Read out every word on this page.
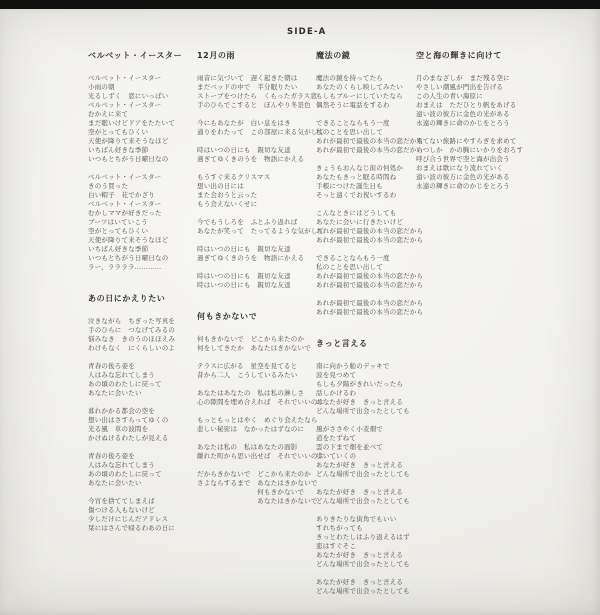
SIDE-A
ベルベット・イースター
ベルベット・イースター
小雨の朝
光るしずく　窓にいっぱい
ベルベット・イースター
むかえに来て
まだ眠いけどドアをたたいて
空がとってもひくい
天使が降りて来そうなほど
いちばん好きな季節
いつもとちがう日曜日なの
ベルベット・イースター
きのう買った
白い帽子　花でかざり
ベルベット・イースター
むかしママが好きだった
ブーツはいていこう
空がとってもひくい
天使が降りて来そうなほど
いちばん好きな季節
いつもとちがう日曜日なの
ラー、ララララ…………
あの日にかえりたい
泣きながら　ちぎった写真を
手のひらに　つなげてみるの
悩みなき　きのうのほほえみ
わけもなく　にくらしいのよ
青春の後ろ姿を
人はみな忘れてしまう
あの頃のわたしに戻って
あなたに会いたい
暮れかかる都会の空を
想い出はさすらってゆくの
光る風　草の波間を
かけぬけるわたしが見える
青春の後ろ姿を
人はみな忘れてしまう
あの頃のわたしに戻って
あなたに会いたい
今宵を捨ててしまえば
傷つける人もないけど
少しだけにじんだアドレス
栞にはさんで帰るわあの日に
12月の雨
雨音に気づいて　遅く起きた朝は
まだベッドの中で　半分眠りたい
ストーブをつけたら　くもったガラス窓
手のひらでこすると　ぼんやり冬景色
今にもあなたが　白い息をはき
通りをわたって　この部屋に来る気がして
時はいつの日にも　親切な友達
過ぎてゆくきのうを　物語にかえる
もうすぐ来るクリスマス
想い出の日には
また会おうと云った
もう会えないくせに
今でもうしろを　ふとふり返れば
あなたが笑って　たってるような気がして
時はいつの日にも　親切な友達
過ぎてゆくきのうを　物語にかえる
時はいつの日にも　親切な友達
時はいつの日にも　親切な友達
何もきかないで
何もきかないで　どこから来たのか
何をしてきたか　あなたはきかないで
テラスに広がる　星空を見てると
昔から二人　こうしているみたい
あなたはあなたの　私は私の淋しさ
心の隙間を埋め合えれば　それでいいのよ
もっともっとはやく　めぐり会えたなら
悲しい秘密は　なかったはずなのに
あなたは私の　私はあなたの面影
離れた町から思い出せば　それでいいのよ
だからきかないで　どこから来たのか
さよならするまで　あなたはきかないで
　　　　　　　　　何もきかないで
　　　　　　　　　あなたはきかないで
魔法の鏡
魔法の鏡を持ってたら
あなたのくらし映してみたい
もしもブルーにしていたなら
偶然そうに電話をするわ
できることならもう一度
私のことを思い出して
あれが最初で最後の本当の恋だから
あれが最初で最後の本当の恋だから
きょうもおんなじ街の何処か
あなたもきっと眠る時間ね
手帳につけた誕生日も
そっと遠くでお祝いするわ
こんなときにはどうしても
あなたに会いに行きたいけど
あれが最初で最後の本当の恋だから
あれが最初で最後の本当の恋だから
できることならもう一度
私のことを思い出して
あれが最初で最後の本当の恋だから
あれが最初で最後の本当の恋だから
あれが最初で最後の本当の恋だから
あれが最初で最後の本当の恋だから
きっと言える
南に向かう船のデッキで
波を見つめて
もしも夕陽がきれいだったら
話しかけるわ
あなたが好き　きっと言える
どんな場所で出会ったとしても
風がささやく小麦畑で
道をたずねて
雲の下まで畑を並べて
歩いていくの
あなたが好き　きっと言える
どんな場所で出会ったとしても
あなたが好き　きっと言える
どんな場所で出会ったとしても
ありきたりな街角でもいい
すれちがっても
きっとわたしはふり返えるはず
恋はすぐそこ
あなたが好き　きっと言える
どんな場所で出会ったとしても
あなたが好き　きっと言える
どんな場所で出会ったとしても
空と海の輝きに向けて
月のまなざしが　まだ残る空に
やさしい潮風が門出を告げる
この人生の青い海原に
おまえは　ただひとり帆をあげる
遠い波の彼方に金色の光がある
永遠の輝きに命のかじをとろう
果てない旅路にやすらぎを求めて
いつしか　かの胸にいかりをおろす
呼び合う世界で空と海が出会う
おまえは歌になり流れていく
遠い波の彼方に金色の光がある
永遠の輝きに命のかじをとろう
